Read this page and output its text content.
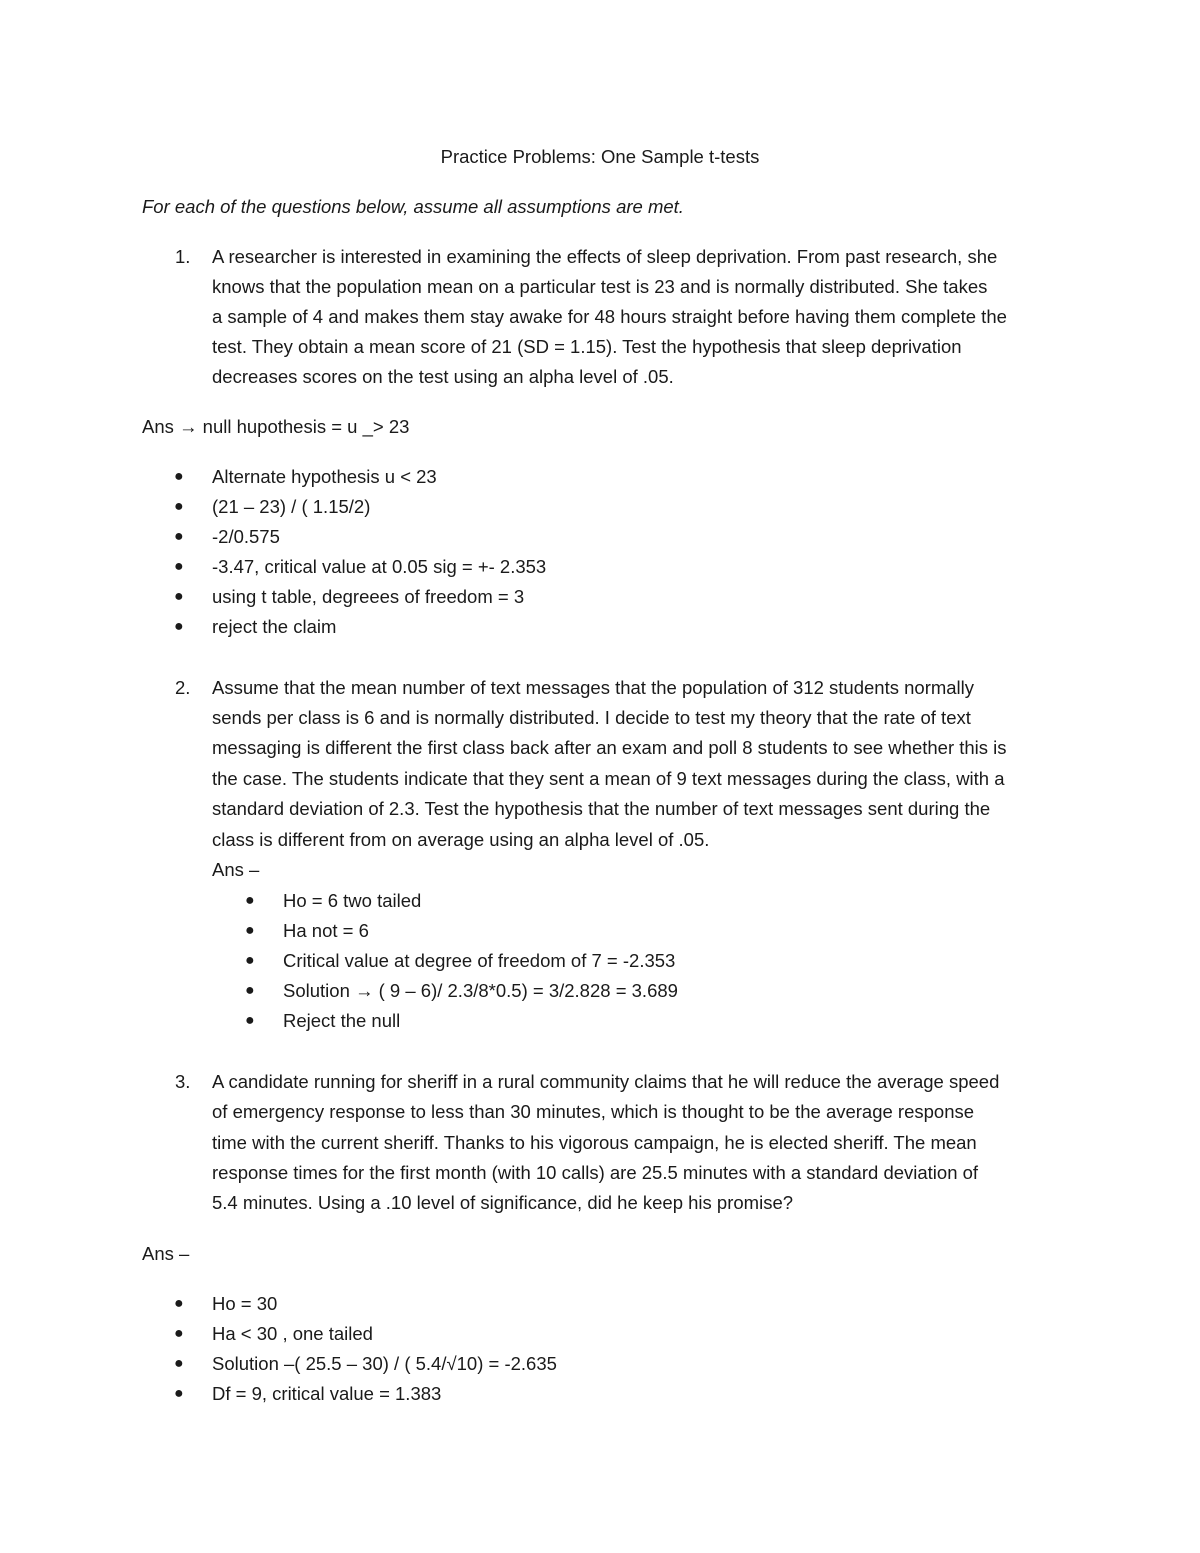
Practice Problems: One Sample t-tests
For each of the questions below, assume all assumptions are met.
1. A researcher is interested in examining the effects of sleep deprivation. From past research, she
knows that the population mean on a particular test is 23 and is normally distributed. She takes
a sample of 4 and makes them stay awake for 48 hours straight before having them complete the
test. They obtain a mean score of 21 (SD = 1.15). Test the hypothesis that sleep deprivation
decreases scores on the test using an alpha level of .05.
Ans → null hupothesis = u _> 23
●
Alternate hypothesis u < 23
●
(21 – 23) / ( 1.15/2)
●
-2/0.575
●
-3.47, critical value at 0.05 sig = +- 2.353
●
using t table, degreees of freedom = 3
●
reject the claim
2. Assume that the mean number of text messages that the population of 312 students normally
sends per class is 6 and is normally distributed. I decide to test my theory that the rate of text
messaging is different the first class back after an exam and poll 8 students to see whether this is
the case. The students indicate that they sent a mean of 9 text messages during the class, with a
standard deviation of 2.3. Test the hypothesis that the number of text messages sent during the
class is different from on average using an alpha level of .05.
Ans –
●
Ho = 6 two tailed
●
Ha not = 6
●
Critical value at degree of freedom of 7 = -2.353
●
Solution → ( 9 – 6)/ 2.3/8*0.5) = 3/2.828 = 3.689
●
Reject the null
3. A candidate running for sheriff in a rural community claims that he will reduce the average speed
of emergency response to less than 30 minutes, which is thought to be the average response
time with the current sheriff. Thanks to his vigorous campaign, he is elected sheriff. The mean
response times for the first month (with 10 calls) are 25.5 minutes with a standard deviation of
5.4 minutes. Using a .10 level of significance, did he keep his promise?
Ans –
●
Ho = 30
●
Ha < 30 , one tailed
●
Solution –( 25.5 – 30) / ( 5.4/√10) = -2.635
●
Df = 9, critical value = 1.383
